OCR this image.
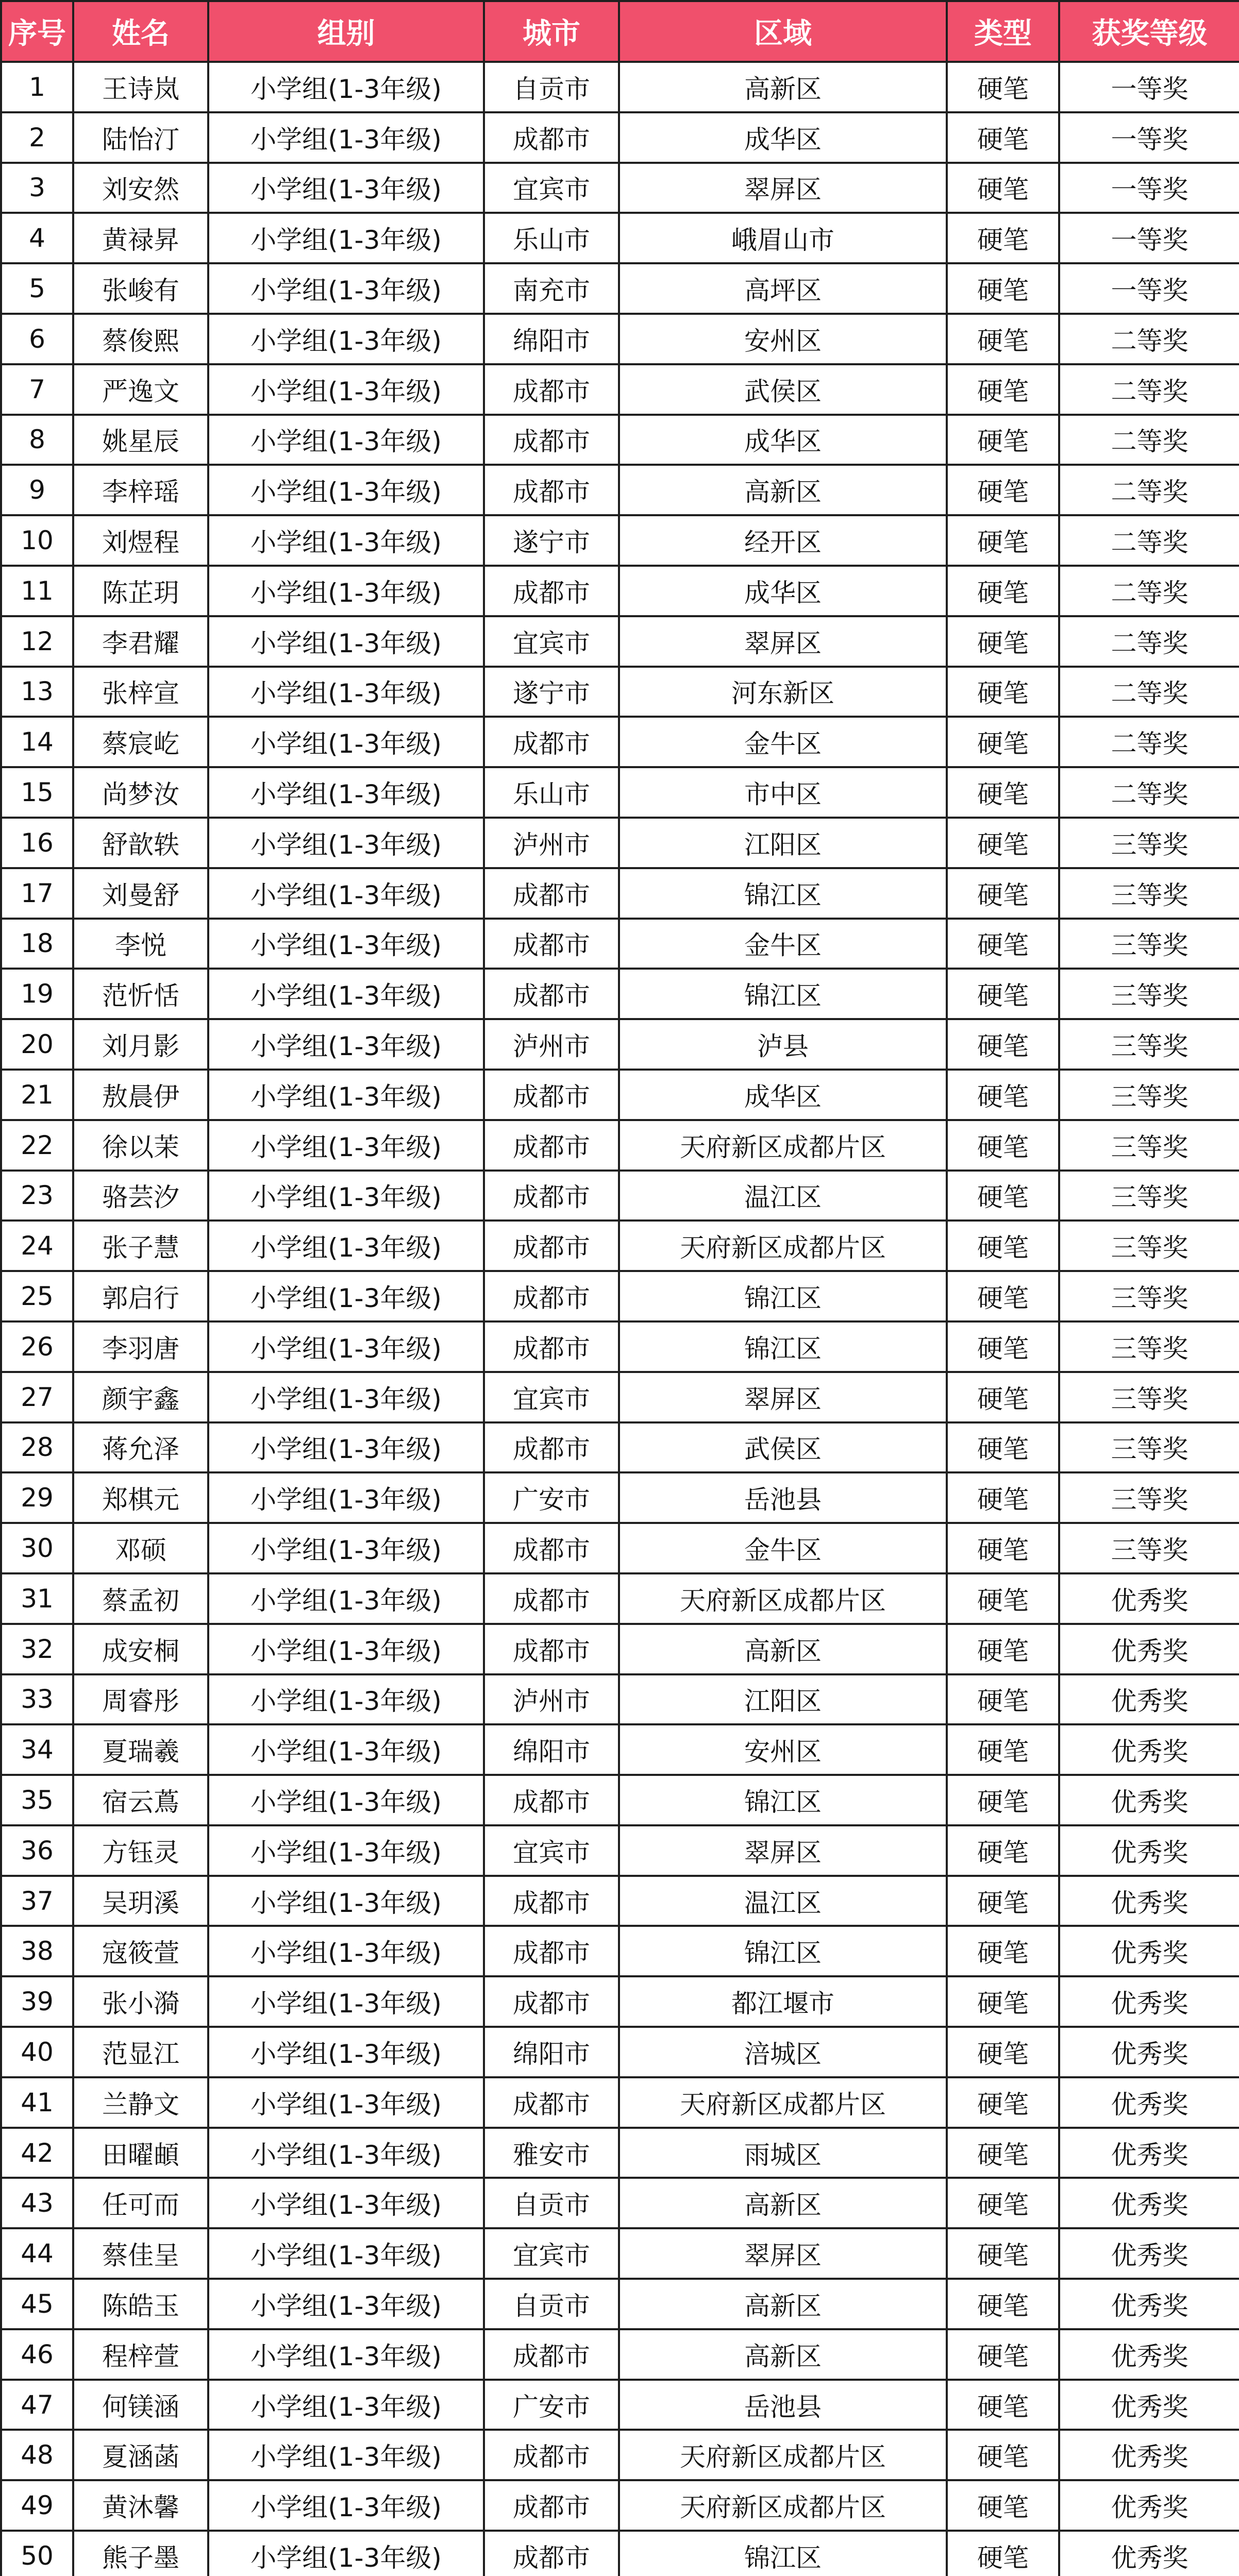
序号	姓名	组别	城市	区域	类型	获奖等级
1	王诗岚	小学组(1-3年级)	自贡市	高新区	硬笔	一等奖
2	陆怡汀	小学组(1-3年级)	成都市	成华区	硬笔	一等奖
3	刘安然	小学组(1-3年级)	宜宾市	翠屏区	硬笔	一等奖
4	黄禄昇	小学组(1-3年级)	乐山市	峨眉山市	硬笔	一等奖
5	张峻有	小学组(1-3年级)	南充市	高坪区	硬笔	一等奖
6	蔡俊熙	小学组(1-3年级)	绵阳市	安州区	硬笔	二等奖
7	严逸文	小学组(1-3年级)	成都市	武侯区	硬笔	二等奖
8	姚星辰	小学组(1-3年级)	成都市	成华区	硬笔	二等奖
9	李梓瑶	小学组(1-3年级)	成都市	高新区	硬笔	二等奖
10	刘煜程	小学组(1-3年级)	遂宁市	经开区	硬笔	二等奖
11	陈芷玥	小学组(1-3年级)	成都市	成华区	硬笔	二等奖
12	李君耀	小学组(1-3年级)	宜宾市	翠屏区	硬笔	二等奖
13	张梓宣	小学组(1-3年级)	遂宁市	河东新区	硬笔	二等奖
14	蔡宸屹	小学组(1-3年级)	成都市	金牛区	硬笔	二等奖
15	尚梦汝	小学组(1-3年级)	乐山市	市中区	硬笔	二等奖
16	舒歆轶	小学组(1-3年级)	泸州市	江阳区	硬笔	三等奖
17	刘曼舒	小学组(1-3年级)	成都市	锦江区	硬笔	三等奖
18	李悦	小学组(1-3年级)	成都市	金牛区	硬笔	三等奖
19	范忻恬	小学组(1-3年级)	成都市	锦江区	硬笔	三等奖
20	刘月影	小学组(1-3年级)	泸州市	泸县	硬笔	三等奖
21	敖晨伊	小学组(1-3年级)	成都市	成华区	硬笔	三等奖
22	徐以茉	小学组(1-3年级)	成都市	天府新区成都片区	硬笔	三等奖
23	骆芸汐	小学组(1-3年级)	成都市	温江区	硬笔	三等奖
24	张子慧	小学组(1-3年级)	成都市	天府新区成都片区	硬笔	三等奖
25	郭启行	小学组(1-3年级)	成都市	锦江区	硬笔	三等奖
26	李羽唐	小学组(1-3年级)	成都市	锦江区	硬笔	三等奖
27	颜宇鑫	小学组(1-3年级)	宜宾市	翠屏区	硬笔	三等奖
28	蒋允泽	小学组(1-3年级)	成都市	武侯区	硬笔	三等奖
29	郑棋元	小学组(1-3年级)	广安市	岳池县	硬笔	三等奖
30	邓硕	小学组(1-3年级)	成都市	金牛区	硬笔	三等奖
31	蔡孟初	小学组(1-3年级)	成都市	天府新区成都片区	硬笔	优秀奖
32	成安桐	小学组(1-3年级)	成都市	高新区	硬笔	优秀奖
33	周睿彤	小学组(1-3年级)	泸州市	江阳区	硬笔	优秀奖
34	夏瑞羲	小学组(1-3年级)	绵阳市	安州区	硬笔	优秀奖
35	宿云蔦	小学组(1-3年级)	成都市	锦江区	硬笔	优秀奖
36	方钰灵	小学组(1-3年级)	宜宾市	翠屏区	硬笔	优秀奖
37	吴玥溪	小学组(1-3年级)	成都市	温江区	硬笔	优秀奖
38	寇筱萱	小学组(1-3年级)	成都市	锦江区	硬笔	优秀奖
39	张小漪	小学组(1-3年级)	成都市	都江堰市	硬笔	优秀奖
40	范显江	小学组(1-3年级)	绵阳市	涪城区	硬笔	优秀奖
41	兰静文	小学组(1-3年级)	成都市	天府新区成都片区	硬笔	优秀奖
42	田曜頔	小学组(1-3年级)	雅安市	雨城区	硬笔	优秀奖
43	任可而	小学组(1-3年级)	自贡市	高新区	硬笔	优秀奖
44	蔡佳呈	小学组(1-3年级)	宜宾市	翠屏区	硬笔	优秀奖
45	陈皓玉	小学组(1-3年级)	自贡市	高新区	硬笔	优秀奖
46	程梓萱	小学组(1-3年级)	成都市	高新区	硬笔	优秀奖
47	何镁涵	小学组(1-3年级)	广安市	岳池县	硬笔	优秀奖
48	夏涵菡	小学组(1-3年级)	成都市	天府新区成都片区	硬笔	优秀奖
49	黄沐馨	小学组(1-3年级)	成都市	天府新区成都片区	硬笔	优秀奖
50	熊子墨	小学组(1-3年级)	成都市	锦江区	硬笔	优秀奖
